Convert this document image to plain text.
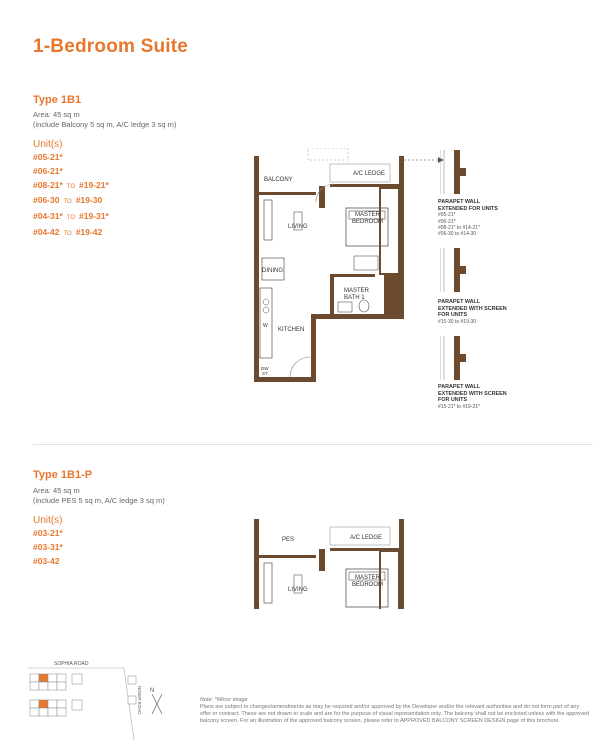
1-Bedroom Suite
Type 1B1
Area: 45 sq m
(include Balcony 5 sq m, A/C ledge 3 sq m)
Unit(s)
#05-21*
#06-21*
#08-21* TO #19-21*
#06-30 TO #19-30
#04-31* TO #19-31*
#04-42 TO #19-42
BALCONY
A/C LEDGE
LIVING
MASTER
BEDROOM
DINING
MASTER
BATH 1
KITCHEN
W
DW
ST
PARAPET WALL
EXTENDED FOR UNITS
#05-21*
#06-21*
#08-21* to #14-21*
#06-30 to #14-30
PARAPET WALL
EXTENDED WITH SCREEN
FOR UNITS
#15-30 to #19-30
PARAPET WALL
EXTENDED WITH SCREEN
FOR UNITS
#15-21* to #19-21*
Type 1B1-P
Area: 45 sq m
(include PES 5 sq m, A/C ledge 3 sq m)
Unit(s)
#03-21*
#03-31*
#03-42
PES	A/C LEDGE
LIVING
MASTER
BEDROOM
SOPHIA ROAD
NIGER ROAD N
Note: *Mirror image
Plans are subject to changes/amendments as may be required and/or approved by the Developer and/or the relevant authorities and do not form part of any offer or contract. These are not drawn to scale and are for the purpose of visual representation only. The balcony shall not be enclosed unless with the approved balcony screen. For an illustration of the approved balcony screen, please refer to APPROVED BALCONY SCREEN DESIGN page of this brochure.
